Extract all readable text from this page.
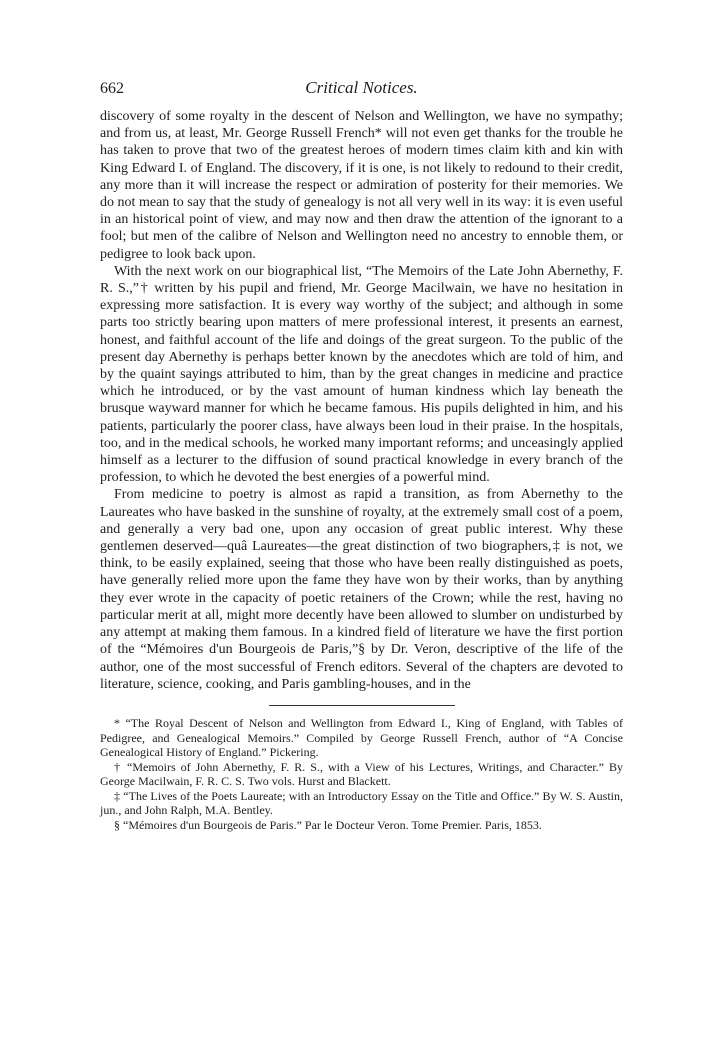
662	Critical Notices.

discovery of some royalty in the descent of Nelson and Wellington, we have no sympathy; and from us, at least, Mr. George Russell French* will not even get thanks for the trouble he has taken to prove that two of the greatest heroes of modern times claim kith and kin with King Edward I. of England. The discovery, if it is one, is not likely to redound to their credit, any more than it will increase the respect or admiration of posterity for their memories. We do not mean to say that the study of genealogy is not all very well in its way: it is even useful in an historical point of view, and may now and then draw the attention of the ignorant to a fool; but men of the calibre of Nelson and Wellington need no ancestry to ennoble them, or pedigree to look back upon.

With the next work on our biographical list, “The Memoirs of the Late John Abernethy, F. R. S.,”† written by his pupil and friend, Mr. George Macilwain, we have no hesitation in expressing more satisfaction. It is every way worthy of the subject; and although in some parts too strictly bearing upon matters of mere professional interest, it presents an earnest, honest, and faithful account of the life and doings of the great surgeon. To the public of the present day Abernethy is perhaps better known by the anecdotes which are told of him, and by the quaint sayings attributed to him, than by the great changes in medicine and practice which he introduced, or by the vast amount of human kindness which lay beneath the brusque wayward manner for which he became famous. His pupils delighted in him, and his patients, particularly the poorer class, have always been loud in their praise. In the hospitals, too, and in the medical schools, he worked many important reforms; and unceasingly applied himself as a lecturer to the diffusion of sound practical knowledge in every branch of the profession, to which he devoted the best energies of a powerful mind.

From medicine to poetry is almost as rapid a transition, as from Abernethy to the Laureates who have basked in the sunshine of royalty, at the extremely small cost of a poem, and generally a very bad one, upon any occasion of great public interest. Why these gentlemen deserved—quâ Laureates—the great distinction of two biographers,‡ is not, we think, to be easily explained, seeing that those who have been really distinguished as poets, have generally relied more upon the fame they have won by their works, than by anything they ever wrote in the capacity of poetic retainers of the Crown; while the rest, having no particular merit at all, might more decently have been allowed to slumber on undisturbed by any attempt at making them famous. In a kindred field of literature we have the first portion of the “Mémoires d'un Bourgeois de Paris,”§ by Dr. Veron, descriptive of the life of the author, one of the most successful of French editors. Several of the chapters are devoted to literature, science, cooking, and Paris gambling-houses, and in the

* “The Royal Descent of Nelson and Wellington from Edward I., King of England, with Tables of Pedigree, and Genealogical Memoirs.” Compiled by George Russell French, author of “A Concise Genealogical History of England.” Pickering.

† “Memoirs of John Abernethy, F. R. S., with a View of his Lectures, Writings, and Character.” By George Macilwain, F. R. C. S. Two vols. Hurst and Blackett.

‡ “The Lives of the Poets Laureate; with an Introductory Essay on the Title and Office.” By W. S. Austin, jun., and John Ralph, M.A. Bentley.

§ “Mémoires d'un Bourgeois de Paris.” Par le Docteur Veron. Tome Premier. Paris, 1853.
